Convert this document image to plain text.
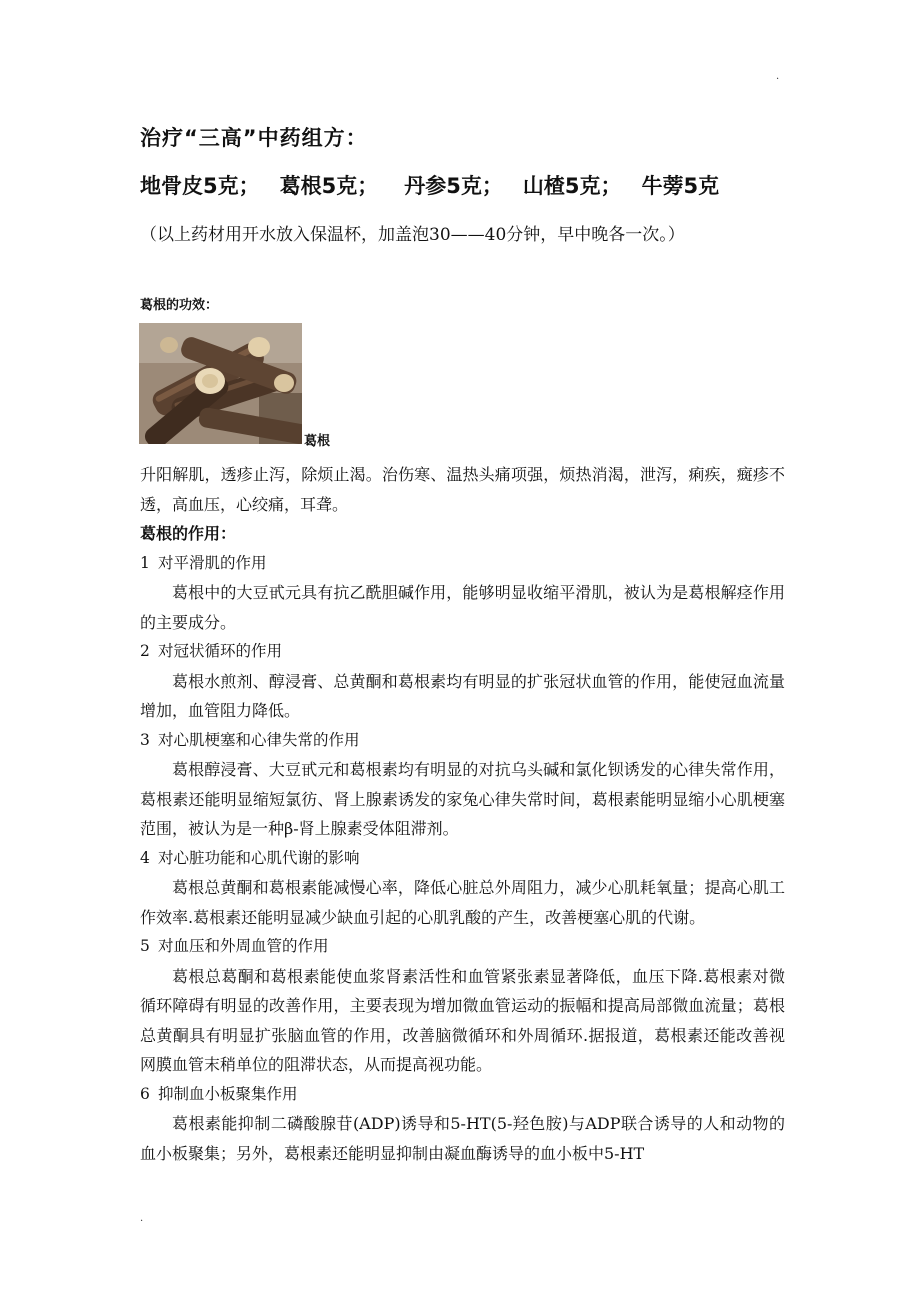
.
治疗“三高”中药组方：
地骨皮5克； 葛根5克； 丹参5克； 山楂5克； 牛蒡5克
（以上药材用开水放入保温杯，加盖泡30——40分钟，早中晚各一次。）
葛根的功效：
葛根

升阳解肌，透疹止泻，除烦止渴。治伤寒、温热头痛项强，烦热消渴，泄泻，痢疾，癍疹不透，高血压，心绞痛，耳聋。

葛根的作用：

1 对平滑肌的作用

葛根中的大豆甙元具有抗乙酰胆碱作用，能够明显收缩平滑肌，被认为是葛根解痉作用的主要成分。

2 对冠状循环的作用

葛根水煎剂、醇浸膏、总黄酮和葛根素均有明显的扩张冠状血管的作用，能使冠血流量增加，血管阻力降低。

3 对心肌梗塞和心律失常的作用

葛根醇浸膏、大豆甙元和葛根素均有明显的对抗乌头碱和氯化钡诱发的心律失常作用，葛根素还能明显缩短氯彷、肾上腺素诱发的家兔心律失常时间，葛根素能明显缩小心肌梗塞范围，被认为是一种β-肾上腺素受体阻滞剂。

4 对心脏功能和心肌代谢的影响

葛根总黄酮和葛根素能减慢心率，降低心脏总外周阻力，减少心肌耗氧量；提高心肌工作效率.葛根素还能明显减少缺血引起的心肌乳酸的产生，改善梗塞心肌的代谢。

5 对血压和外周血管的作用

葛根总葛酮和葛根素能使血浆肾素活性和血管紧张素显著降低，血压下降.葛根素对微循环障碍有明显的改善作用，主要表现为增加微血管运动的振幅和提高局部微血流量；葛根总黄酮具有明显扩张脑血管的作用，改善脑微循环和外周循环.据报道，葛根素还能改善视网膜血管末稍单位的阻滞状态，从而提高视功能。

6 抑制血小板聚集作用

葛根素能抑制二磷酸腺苷(ADP)诱导和5-HT(5-羟色胺)与ADP联合诱导的人和动物的血小板聚集；另外，葛根素还能明显抑制由凝血酶诱导的血小板中5-HT

.
